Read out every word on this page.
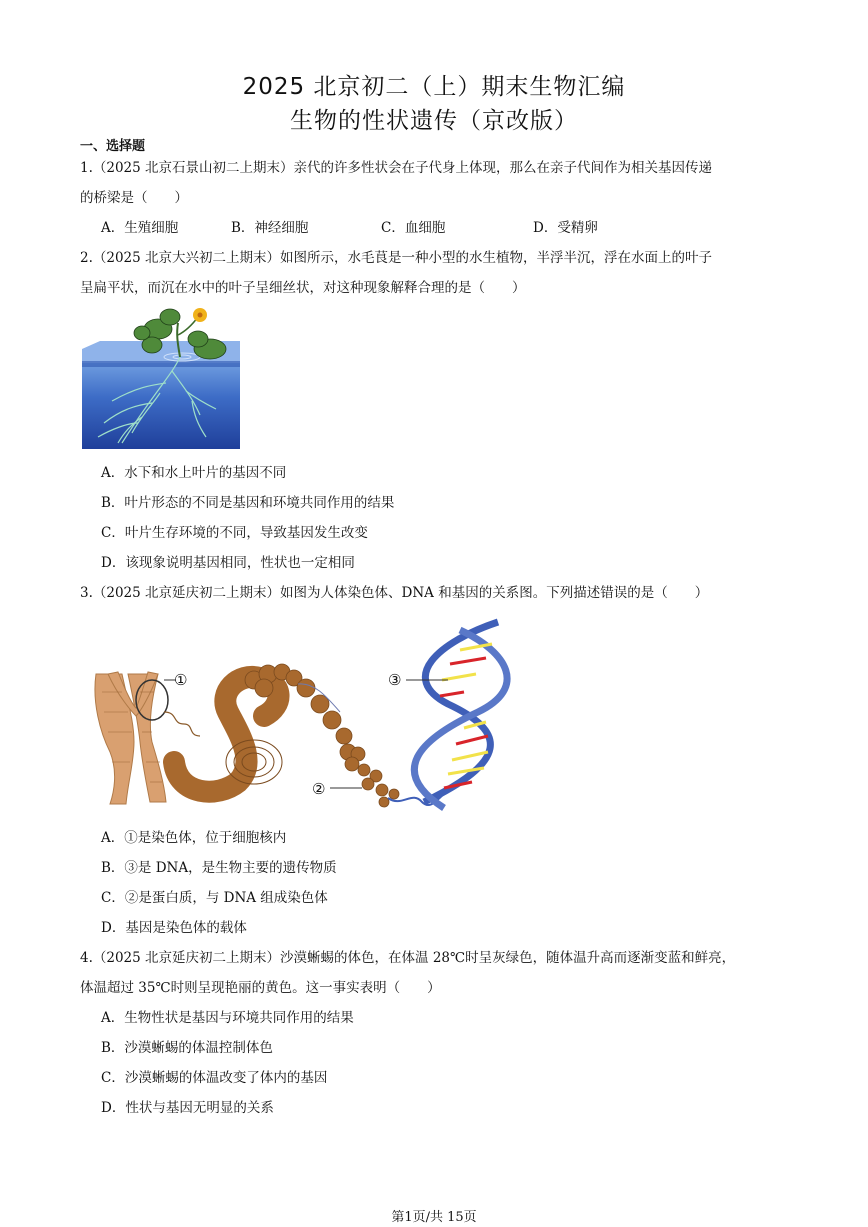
2025 北京初二（上）期末生物汇编
生物的性状遗传（京改版）
一、选择题
1.（2025 北京石景山初二上期末）亲代的许多性状会在子代身上体现，那么在亲子代间作为相关基因传递
的桥梁是（　　）
A．生殖细胞	B．神经细胞	C．血细胞	D．受精卵
2.（2025 北京大兴初二上期末）如图所示，水毛茛是一种小型的水生植物，半浮半沉，浮在水面上的叶子
呈扁平状，而沉在水中的叶子呈细丝状，对这种现象解释合理的是（　　）
A．水下和水上叶片的基因不同
B．叶片形态的不同是基因和环境共同作用的结果
C．叶片生存环境的不同，导致基因发生改变
D．该现象说明基因相同，性状也一定相同
3.（2025 北京延庆初二上期末）如图为人体染色体、DNA 和基因的关系图。下列描述错误的是（　　）
①
②
③
A．①是染色体，位于细胞核内
B．③是 DNA，是生物主要的遗传物质
C．②是蛋白质，与 DNA 组成染色体
D．基因是染色体的载体
4.（2025 北京延庆初二上期末）沙漠蜥蜴的体色，在体温 28℃时呈灰绿色，随体温升高而逐渐变蓝和鲜亮，
体温超过 35℃时则呈现艳丽的黄色。这一事实表明（　　）
A．生物性状是基因与环境共同作用的结果
B．沙漠蜥蜴的体温控制体色
C．沙漠蜥蜴的体温改变了体内的基因
D．性状与基因无明显的关系
第1页/共 15页
